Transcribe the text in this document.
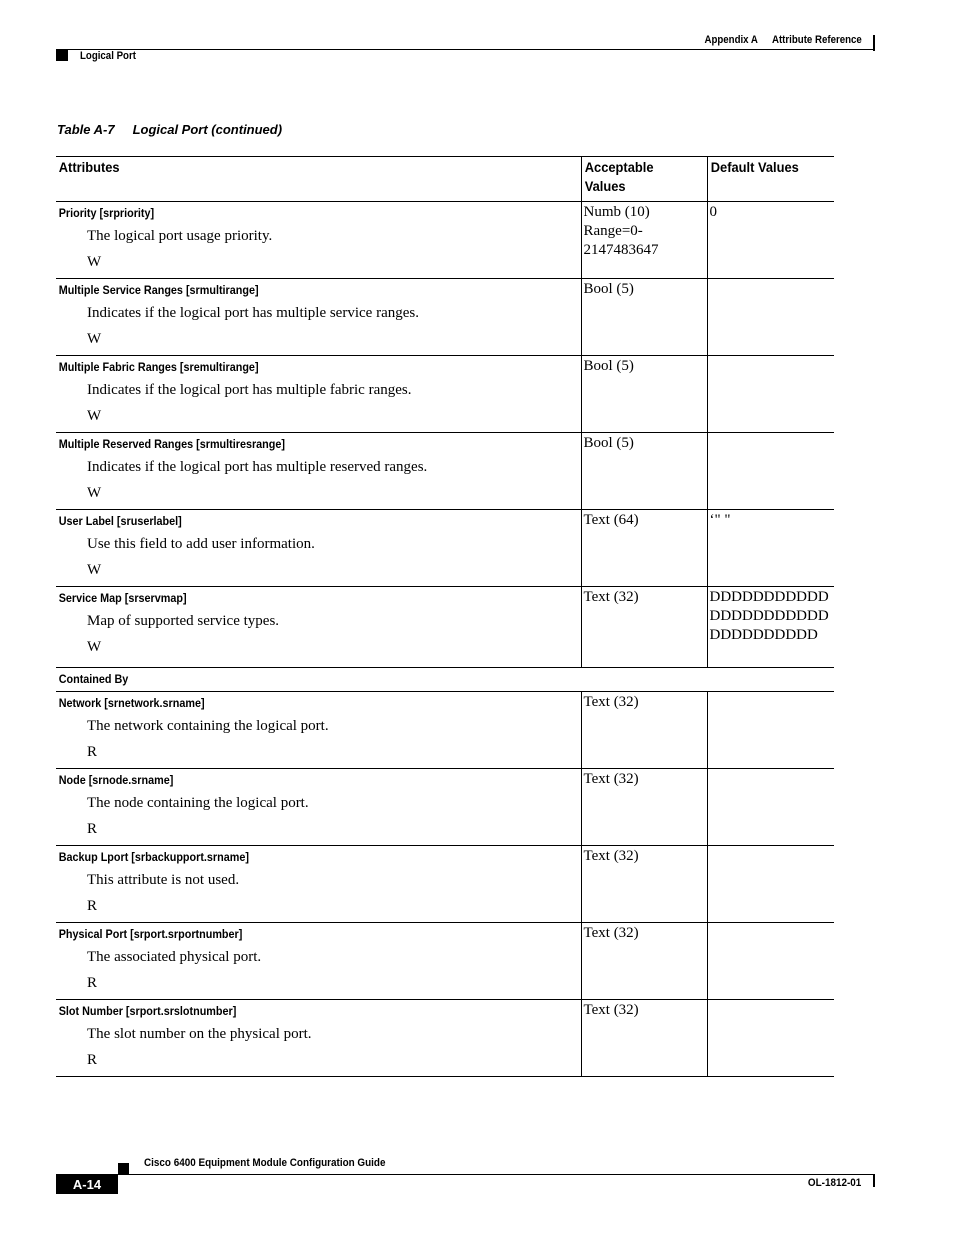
Appendix A Attribute Reference
Logical Port
Table A-7 Logical Port (continued)
Attributes	Acceptable Values	Default Values

Priority [srpriority]
The logical port usage priority.
W	Numb (10) Range=0-2147483647	0

Multiple Service Ranges [srmultirange]
Indicates if the logical port has multiple service ranges.
W	Bool (5)	

Multiple Fabric Ranges [sremultirange]
Indicates if the logical port has multiple fabric ranges.
W	Bool (5)	

Multiple Reserved Ranges [srmultiresrange]
Indicates if the logical port has multiple reserved ranges.
W	Bool (5)	

User Label [sruserlabel]
Use this field to add user information.
W	Text (64)	‘" "

Service Map [srservmap]
Map of supported service types.
W	Text (32)	DDDDDDDDDDDDDDDDDDDDDDDDDDDDDDDD

Contained By		

Network [srnetwork.srname]
The network containing the logical port.
R	Text (32)	

Node [srnode.srname]
The node containing the logical port.
R	Text (32)	

Backup Lport [srbackupport.srname]
This attribute is not used.
R	Text (32)	

Physical Port [srport.srportnumber]
The associated physical port.
R	Text (32)	

Slot Number [srport.srslotnumber]
The slot number on the physical port.
R	Text (32)	

Cisco 6400 Equipment Module Configuration Guide
A-14	OL-1812-01
